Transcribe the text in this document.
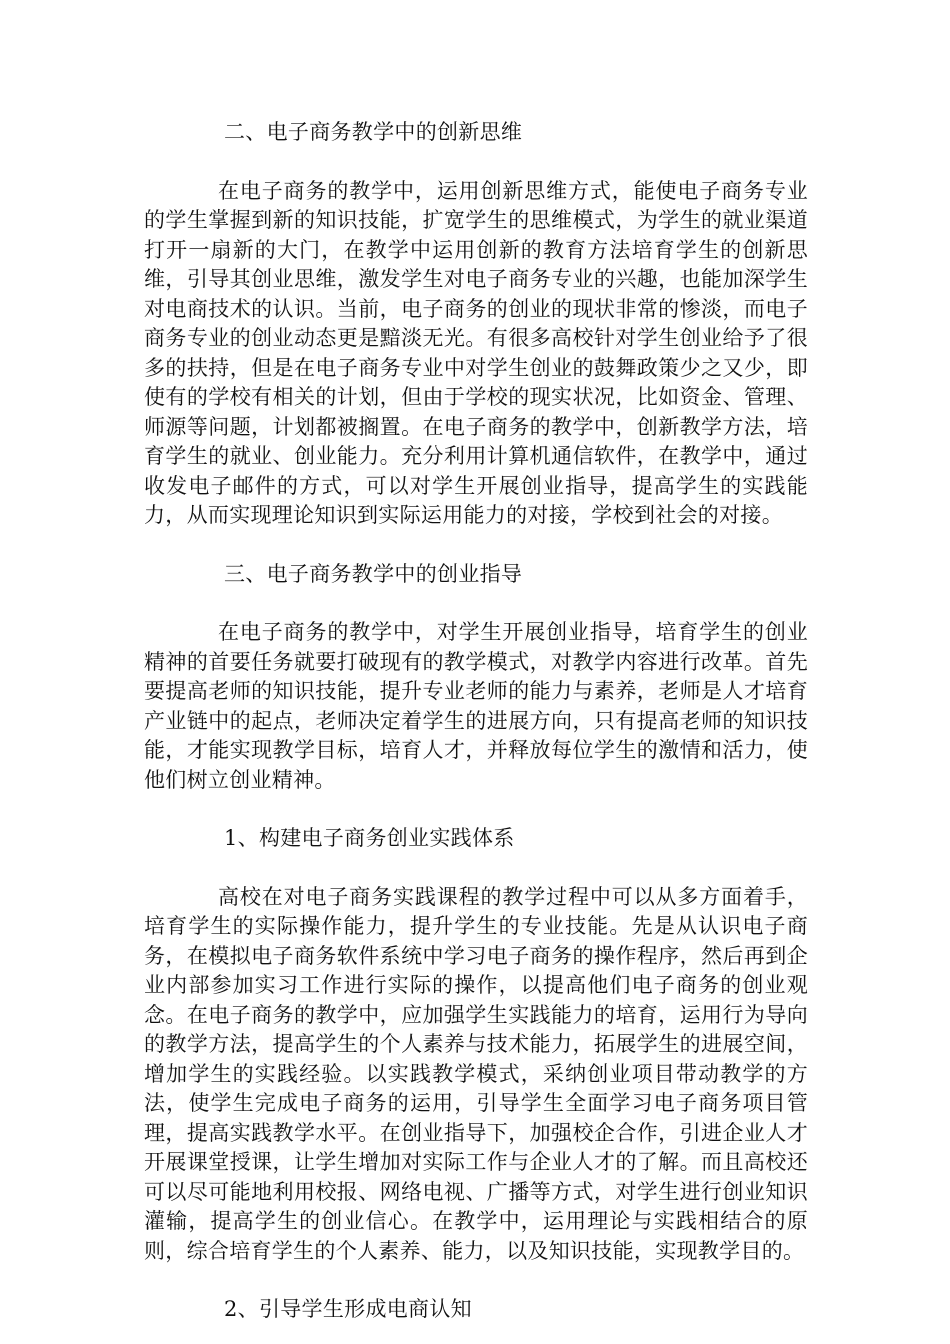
二、电子商务教学中的创新思维

在电子商务的教学中，运用创新思维方式，能使电子商务专业的学生掌握到新的知识技能，扩宽学生的思维模式，为学生的就业渠道打开一扇新的大门，在教学中运用创新的教育方法培育学生的创新思维，引导其创业思维，激发学生对电子商务专业的兴趣，也能加深学生对电商技术的认识。当前，电子商务的创业的现状非常的惨淡，而电子商务专业的创业动态更是黯淡无光。有很多高校针对学生创业给予了很多的扶持，但是在电子商务专业中对学生创业的鼓舞政策少之又少，即使有的学校有相关的计划，但由于学校的现实状况，比如资金、管理、师源等问题，计划都被搁置。在电子商务的教学中，创新教学方法，培育学生的就业、创业能力。充分利用计算机通信软件，在教学中，通过收发电子邮件的方式，可以对学生开展创业指导，提高学生的实践能力，从而实现理论知识到实际运用能力的对接，学校到社会的对接。

三、电子商务教学中的创业指导

在电子商务的教学中，对学生开展创业指导，培育学生的创业精神的首要任务就要打破现有的教学模式，对教学内容进行改革。首先要提高老师的知识技能，提升专业老师的能力与素养，老师是人才培育产业链中的起点，老师决定着学生的进展方向，只有提高老师的知识技能，才能实现教学目标，培育人才，并释放每位学生的激情和活力，使他们树立创业精神。

1、构建电子商务创业实践体系

高校在对电子商务实践课程的教学过程中可以从多方面着手，培育学生的实际操作能力，提升学生的专业技能。先是从认识电子商务，在模拟电子商务软件系统中学习电子商务的操作程序，然后再到企业内部参加实习工作进行实际的操作，以提高他们电子商务的创业观念。在电子商务的教学中，应加强学生实践能力的培育，运用行为导向的教学方法，提高学生的个人素养与技术能力，拓展学生的进展空间，增加学生的实践经验。以实践教学模式，采纳创业项目带动教学的方法，使学生完成电子商务的运用，引导学生全面学习电子商务项目管理，提高实践教学水平。在创业指导下，加强校企合作，引进企业人才开展课堂授课，让学生增加对实际工作与企业人才的了解。而且高校还可以尽可能地利用校报、网络电视、广播等方式，对学生进行创业知识灌输，提高学生的创业信心。在教学中，运用理论与实践相结合的原则，综合培育学生的个人素养、能力，以及知识技能，实现教学目的。

2、引导学生形成电商认知
